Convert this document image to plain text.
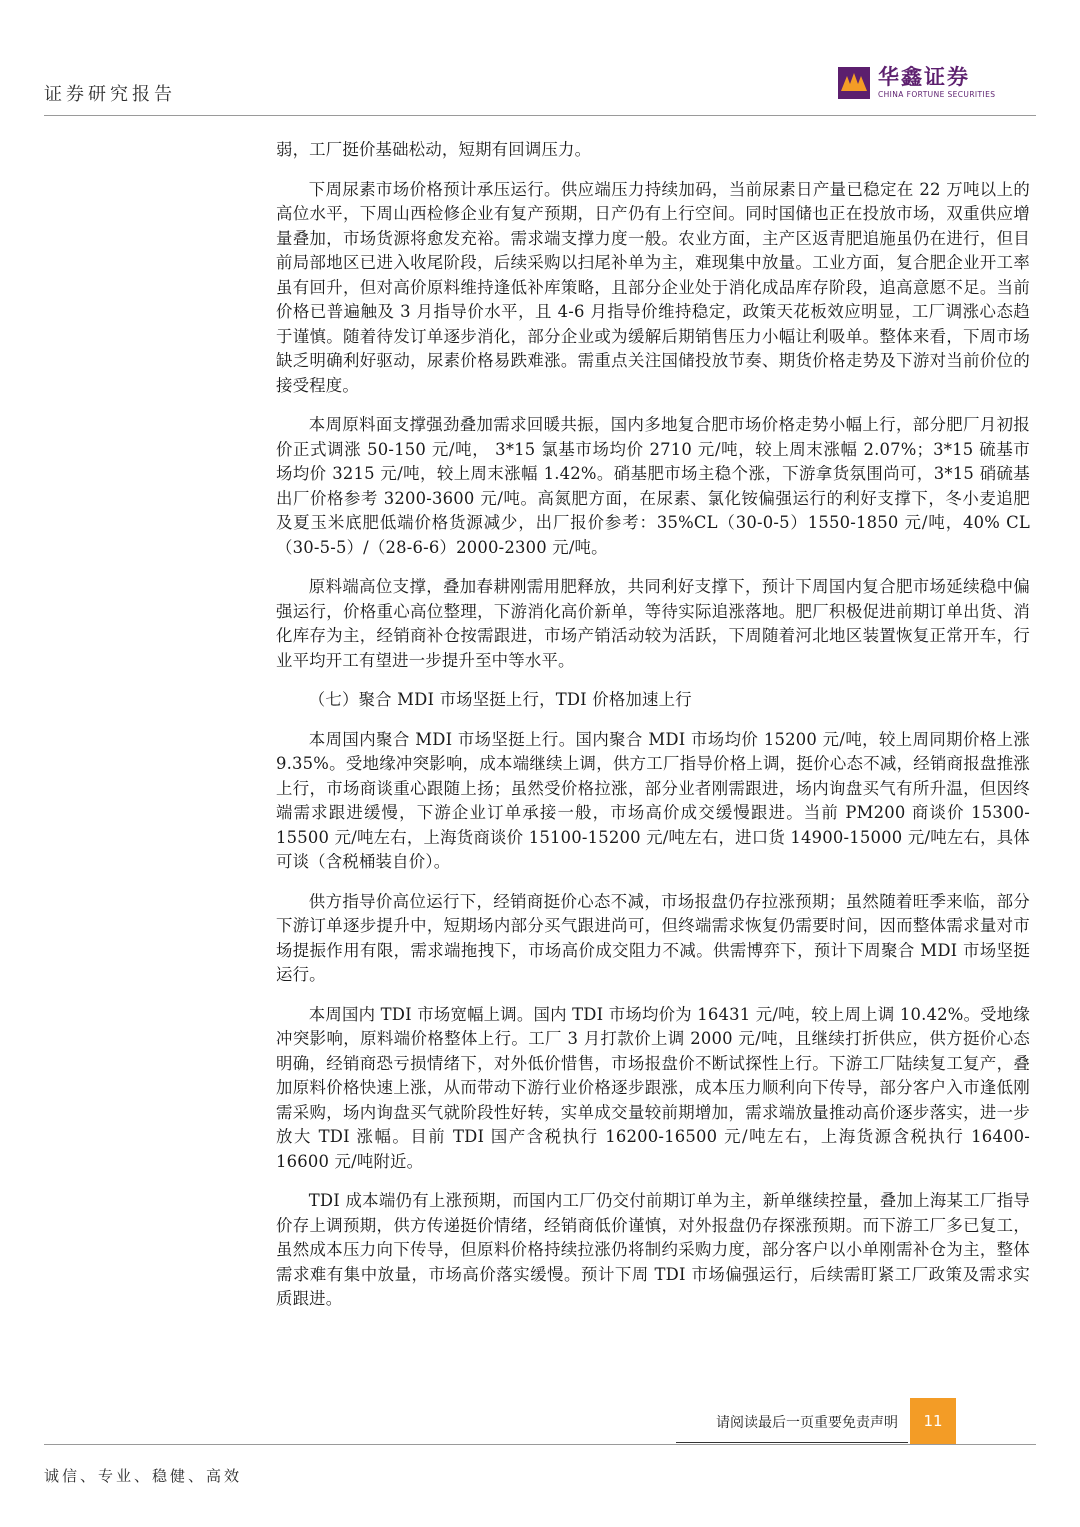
证券研究报告
华鑫证券
CHINA FORTUNE SECURITIES

弱，工厂挺价基础松动，短期有回调压力。

下周尿素市场价格预计承压运行。供应端压力持续加码，当前尿素日产量已稳定在 22 万吨以上的高位水平，下周山西检修企业有复产预期，日产仍有上行空间。同时国储也正在投放市场，双重供应增量叠加，市场货源将愈发充裕。需求端支撑力度一般。农业方面，主产区返青肥追施虽仍在进行，但目前局部地区已进入收尾阶段，后续采购以扫尾补单为主，难现集中放量。工业方面，复合肥企业开工率虽有回升，但对高价原料维持逢低补库策略，且部分企业处于消化成品库存阶段，追高意愿不足。当前价格已普遍触及 3 月指导价水平，且 4-6 月指导价维持稳定，政策天花板效应明显，工厂调涨心态趋于谨慎。随着待发订单逐步消化，部分企业或为缓解后期销售压力小幅让利吸单。整体来看，下周市场缺乏明确利好驱动，尿素价格易跌难涨。需重点关注国储投放节奏、期货价格走势及下游对当前价位的接受程度。

本周原料面支撑强劲叠加需求回暖共振，国内多地复合肥市场价格走势小幅上行，部分肥厂月初报价正式调涨 50-150 元/吨， 3*15 氯基市场均价 2710 元/吨，较上周末涨幅 2.07%；3*15 硫基市场均价 3215 元/吨，较上周末涨幅 1.42%。硝基肥市场主稳个涨，下游拿货氛围尚可，3*15 硝硫基出厂价格参考 3200-3600 元/吨。高氮肥方面，在尿素、氯化铵偏强运行的利好支撑下，冬小麦追肥及夏玉米底肥低端价格货源减少，出厂报价参考：35%CL（30-0-5）1550-1850 元/吨，40% CL（30-5-5）/（28-6-6）2000-2300 元/吨。

原料端高位支撑，叠加春耕刚需用肥释放，共同利好支撑下，预计下周国内复合肥市场延续稳中偏强运行，价格重心高位整理，下游消化高价新单，等待实际追涨落地。肥厂积极促进前期订单出货、消化库存为主，经销商补仓按需跟进，市场产销活动较为活跃，下周随着河北地区装置恢复正常开车，行业平均开工有望进一步提升至中等水平。

（七）聚合 MDI 市场坚挺上行，TDI 价格加速上行

本周国内聚合 MDI 市场坚挺上行。国内聚合 MDI 市场均价 15200 元/吨，较上周同期价格上涨 9.35%。受地缘冲突影响，成本端继续上调，供方工厂指导价格上调，挺价心态不减，经销商报盘推涨上行，市场商谈重心跟随上扬；虽然受价格拉涨，部分业者刚需跟进，场内询盘买气有所升温，但因终端需求跟进缓慢，下游企业订单承接一般，市场高价成交缓慢跟进。当前 PM200 商谈价 15300-15500 元/吨左右，上海货商谈价 15100-15200 元/吨左右，进口货 14900-15000 元/吨左右，具体可谈（含税桶装自价）。

供方指导价高位运行下，经销商挺价心态不减，市场报盘仍存拉涨预期；虽然随着旺季来临，部分下游订单逐步提升中，短期场内部分买气跟进尚可，但终端需求恢复仍需要时间，因而整体需求量对市场提振作用有限，需求端拖拽下，市场高价成交阻力不减。供需博弈下，预计下周聚合 MDI 市场坚挺运行。

本周国内 TDI 市场宽幅上调。国内 TDI 市场均价为 16431 元/吨，较上周上调 10.42%。受地缘冲突影响，原料端价格整体上行。工厂 3 月打款价上调 2000 元/吨，且继续打折供应，供方挺价心态明确，经销商恐亏损情绪下，对外低价惜售，市场报盘价不断试探性上行。下游工厂陆续复工复产，叠加原料价格快速上涨，从而带动下游行业价格逐步跟涨，成本压力顺利向下传导，部分客户入市逢低刚需采购，场内询盘买气就阶段性好转，实单成交量较前期增加，需求端放量推动高价逐步落实，进一步放大 TDI 涨幅。目前 TDI 国产含税执行 16200-16500 元/吨左右，上海货源含税执行 16400-16600 元/吨附近。

TDI 成本端仍有上涨预期，而国内工厂仍交付前期订单为主，新单继续控量，叠加上海某工厂指导价存上调预期，供方传递挺价情绪，经销商低价谨慎，对外报盘仍存探涨预期。而下游工厂多已复工，虽然成本压力向下传导，但原料价格持续拉涨仍将制约采购力度，部分客户以小单刚需补仓为主，整体需求难有集中放量，市场高价落实缓慢。预计下周 TDI 市场偏强运行，后续需盯紧工厂政策及需求实质跟进。

请阅读最后一页重要免责声明	11
诚信、专业、稳健、高效
